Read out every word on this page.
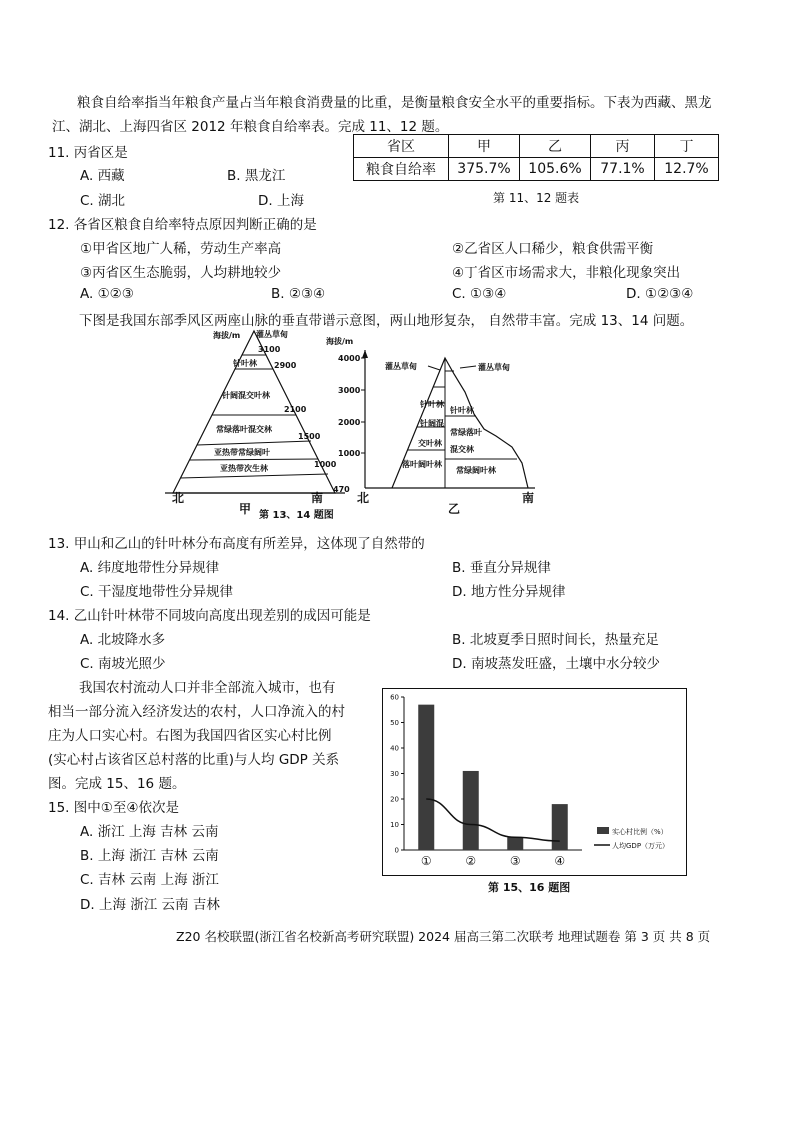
粮食自给率指当年粮食产量占当年粮食消费量的比重，是衡量粮食安全水平的重要指标。下表为西藏、黑龙
江、湖北、上海四省区 2012 年粮食自给率表。完成 11、12 题。
11. 丙省区是
A. 西藏	B. 黑龙江
C. 湖北	D. 上海
省区	甲	乙	丙	丁
粮食自给率	375.7%	105.6%	77.1%	12.7%
第 11、12 题表
12. 各省区粮食自给率特点原因判断正确的是
①甲省区地广人稀，劳动生产率高	②乙省区人口稀少，粮食供需平衡
③丙省区生态脆弱，人均耕地较少	④丁省区市场需求大，非粮化现象突出
A. ①②③	B. ②③④	C. ①③④	D. ①②③④
下图是我国东部季风区两座山脉的垂直带谱示意图，两山地形复杂， 自然带丰富。完成 13、14 问题。
海拔/m 灌丛草甸
针叶林
针阔混交叶林
常绿落叶混交林
亚热带常绿阔叶
亚热带次生林
3100
2900
2100
1500
1000
470
海拔/m
4000
3000
2000
1000
灌丛草甸
针叶林
针阔混
交叶林
落叶阔叶林
灌丛草甸
针叶林
常绿落叶
混交林
常绿阔叶林
北	南
甲
北	南
乙
第 13、14 题图
13. 甲山和乙山的针叶林分布高度有所差异，这体现了自然带的
A. 纬度地带性分异规律	B. 垂直分异规律
C. 干湿度地带性分异规律	D. 地方性分异规律
14. 乙山针叶林带不同坡向高度出现差别的成因可能是
A. 北坡降水多	B. 北坡夏季日照时间长，热量充足
C. 南坡光照少	D. 南坡蒸发旺盛，土壤中水分较少
我国农村流动人口并非全部流入城市，也有
相当一部分流入经济发达的农村，人口净流入的村
庄为人口实心村。右图为我国四省区实心村比例
(实心村占该省区总村落的比重)与人均 GDP 关系
图。完成 15、16 题。
15. 图中①至④依次是
A. 浙江 上海 吉林 云南
B. 上海 浙江 吉林 云南
C. 吉林 云南 上海 浙江
D. 上海 浙江 云南 吉林
①	②	③	④
0
10
20
30
40
50
60
实心村比例（%）
人均GDP（万元）
第 15、16 题图
Z20 名校联盟(浙江省名校新高考研究联盟) 2024 届高三第二次联考 地理试题卷 第 3 页 共 8 页
